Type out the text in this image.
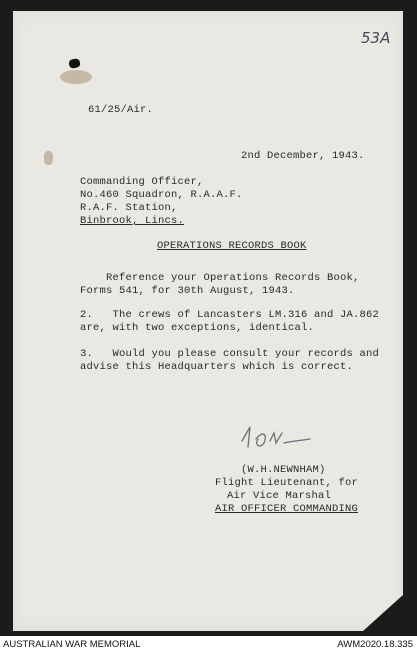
53A
61/25/Air.
2nd December, 1943.
Commanding Officer,
No.460 Squadron, R.A.A.F.
R.A.F. Station,
Binbrook, Lincs.
OPERATIONS RECORDS BOOK
Reference your Operations Records Book,
Forms 541, for 30th August, 1943.
2.   The crews of Lancasters LM.316 and JA.862
are, with two exceptions, identical.
3.   Would you please consult your records and
advise this Headquarters which is correct.
(W.H.NEWNHAM)
Flight Lieutenant, for
Air Vice Marshal
AIR OFFICER COMMANDING
AUSTRALIAN WAR MEMORIAL	AWM2020.18.335
